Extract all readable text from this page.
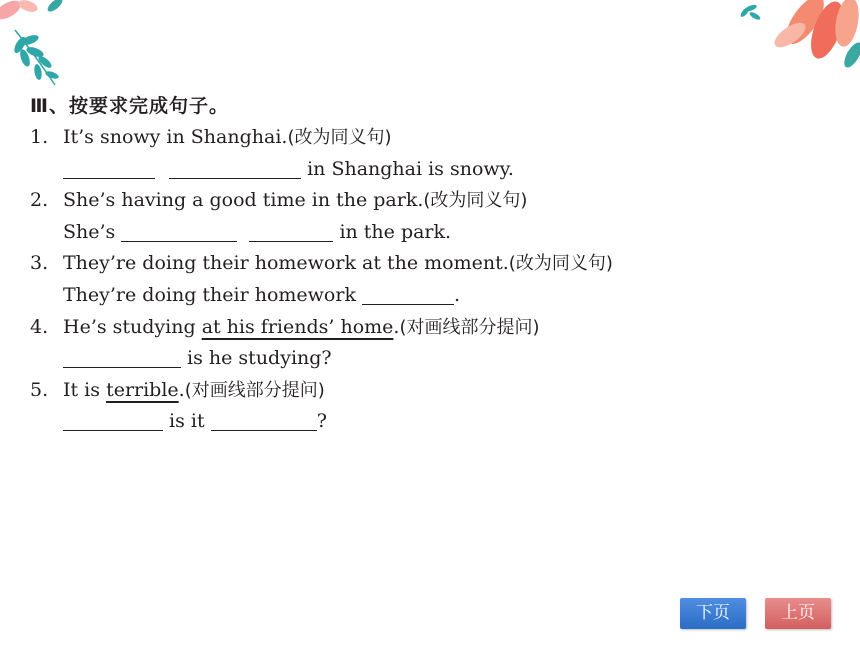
Ⅲ、按要求完成句子。
1. It’s snowy in Shanghai.(改为同义句)
in Shanghai is snowy.
2. She’s having a good time in the park.(改为同义句)
She’s	in the park.
3. They’re doing their homework at the moment.(改为同义句)
They’re doing their homework	.
4. He’s studying at his friends’ home.(对画线部分提问)
is he studying?
5. It is terrible.(对画线部分提问)
is it	?
下页	上页
